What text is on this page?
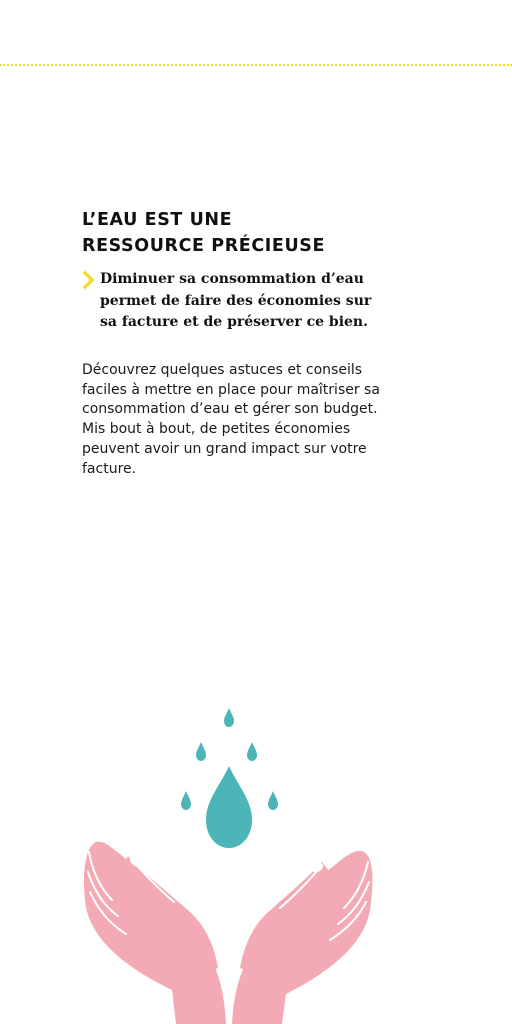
L’EAU EST UNE
RESSOURCE PRÉCIEUSE

Diminuer sa consommation d’eau
permet de faire des économies sur
sa facture et de préserver ce bien.

Découvrez quelques astuces et conseils
faciles à mettre en place pour maîtriser sa
consommation d’eau et gérer son budget.
Mis bout à bout, de petites économies
peuvent avoir un grand impact sur votre
facture.
